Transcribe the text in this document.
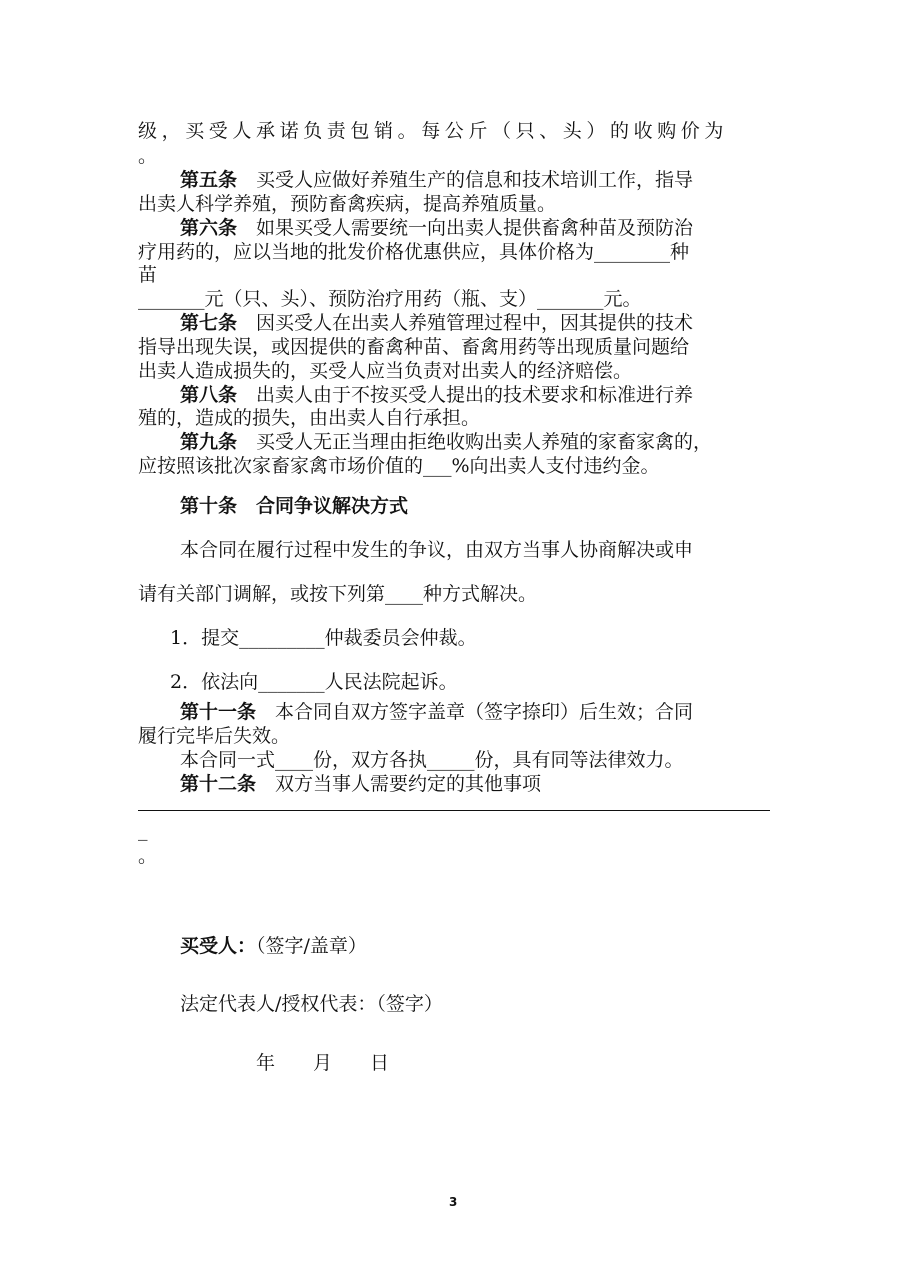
级，买受人承诺负责包销。每公斤（只、头）的收购价为
。
第五条　买受人应做好养殖生产的信息和技术培训工作，指导
出卖人科学养殖，预防畜禽疾病，提高养殖质量。
第六条　如果买受人需要统一向出卖人提供畜禽种苗及预防治
疗用药的，应以当地的批发价格优惠供应，具体价格为________种
苗
_______元（只、头）、预防治疗用药（瓶、支）_______元。
第七条　因买受人在出卖人养殖管理过程中，因其提供的技术
指导出现失误，或因提供的畜禽种苗、畜禽用药等出现质量问题给
出卖人造成损失的，买受人应当负责对出卖人的经济赔偿。
第八条　出卖人由于不按买受人提出的技术要求和标准进行养
殖的，造成的损失，由出卖人自行承担。
第九条　买受人无正当理由拒绝收购出卖人养殖的家畜家禽的，
应按照该批次家畜家禽市场价值的___%向出卖人支付违约金。
第十条　合同争议解决方式
本合同在履行过程中发生的争议，由双方当事人协商解决或申
请有关部门调解，或按下列第____种方式解决。
1．提交_________仲裁委员会仲裁。
2．依法向_______人民法院起诉。
第十一条　本合同自双方签字盖章（签字捺印）后生效；合同
履行完毕后失效。
本合同一式____份，双方各执_____份，具有同等法律效力。
第十二条　双方当事人需要约定的其他事项
_
。
买受人：（签字/盖章）
法定代表人/授权代表：（签字）
年　　月　　日
3
